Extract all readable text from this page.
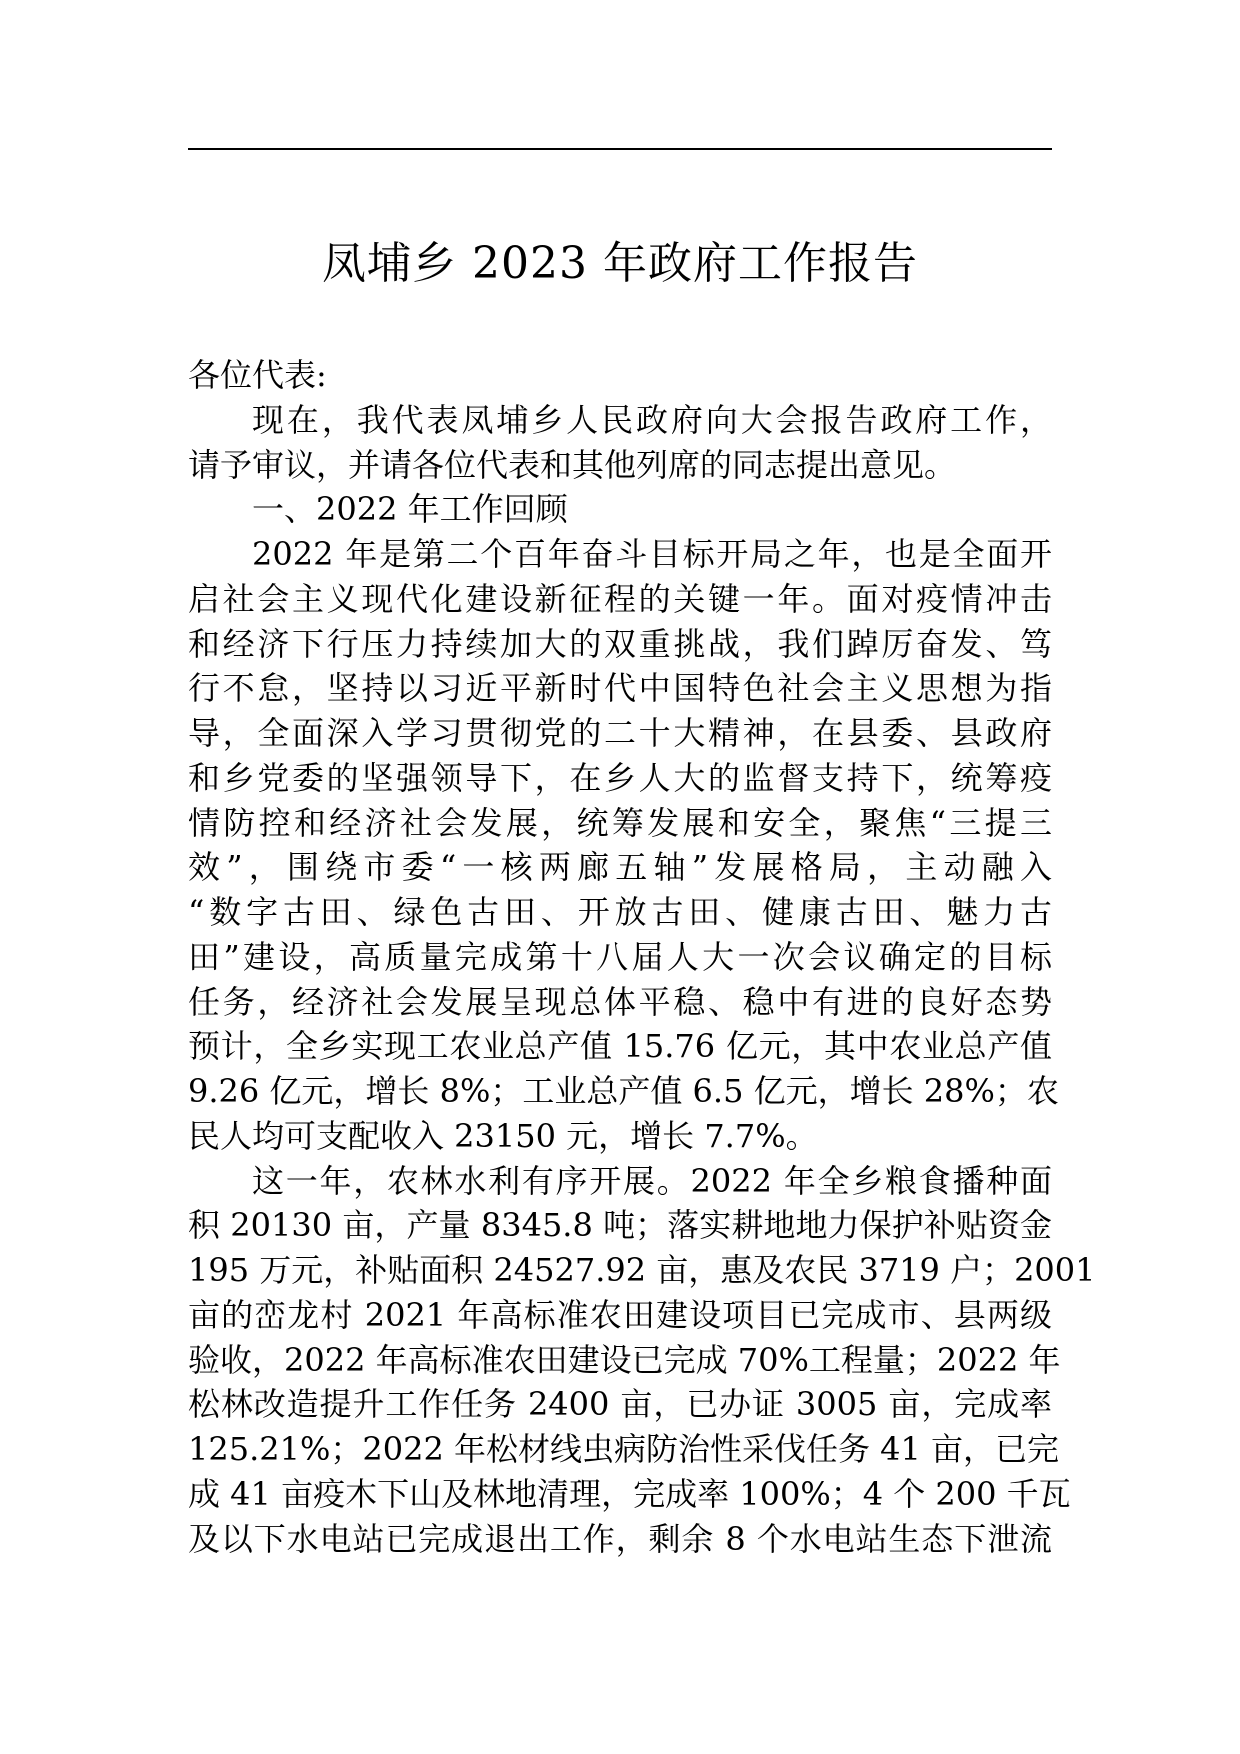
凤埔乡 2023 年政府工作报告
各位代表:
现在，我代表凤埔乡人民政府向大会报告政府工作，
请予审议，并请各位代表和其他列席的同志提出意见。
一、2022 年工作回顾
2022 年是第二个百年奋斗目标开局之年，也是全面开
启社会主义现代化建设新征程的关键一年。面对疫情冲击
和经济下行压力持续加大的双重挑战，我们踔厉奋发、笃
行不怠，坚持以习近平新时代中国特色社会主义思想为指
导，全面深入学习贯彻党的二十大精神，在县委、县政府
和乡党委的坚强领导下，在乡人大的监督支持下，统筹疫
情防控和经济社会发展，统筹发展和安全，聚焦“三提三
效”，围绕市委“一核两廊五轴”发展格局，主动融入
“数字古田、绿色古田、开放古田、健康古田、魅力古
田”建设，高质量完成第十八届人大一次会议确定的目标
任务，经济社会发展呈现总体平稳、稳中有进的良好态势
预计，全乡实现工农业总产值 15.76 亿元，其中农业总产值
9.26 亿元，增长 8%；工业总产值 6.5 亿元，增长 28%；农
民人均可支配收入 23150 元，增长 7.7%。
这一年，农林水利有序开展。2022 年全乡粮食播种面
积 20130 亩，产量 8345.8 吨；落实耕地地力保护补贴资金
195 万元，补贴面积 24527.92 亩，惠及农民 3719 户；2001
亩的峦龙村 2021 年高标准农田建设项目已完成市、县两级
验收，2022 年高标准农田建设已完成 70%工程量；2022 年
松林改造提升工作任务 2400 亩，已办证 3005 亩，完成率
125.21%；2022 年松材线虫病防治性采伐任务 41 亩，已完
成 41 亩疫木下山及林地清理，完成率 100%；4 个 200 千瓦
及以下水电站已完成退出工作，剩余 8 个水电站生态下泄流
